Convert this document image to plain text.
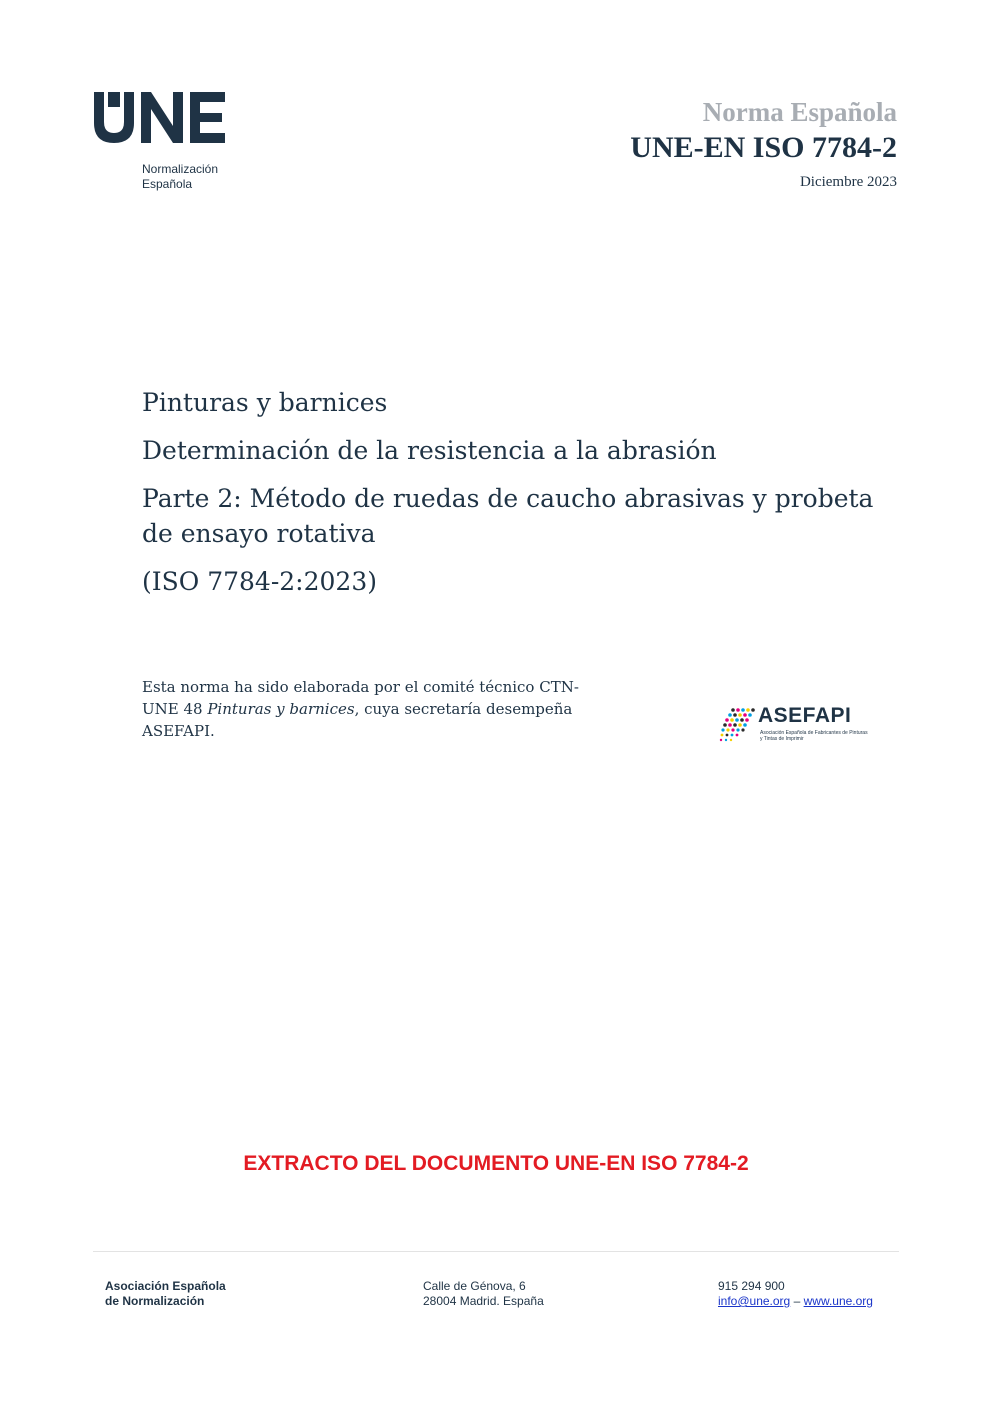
Normalización
Española
Norma Española
UNE-EN ISO 7784-2
Diciembre 2023

Pinturas y barnices

Determinación de la resistencia a la abrasión

Parte 2: Método de ruedas de caucho abrasivas y probeta de ensayo rotativa

(ISO 7784-2:2023)

Esta norma ha sido elaborada por el comité técnico CTN-UNE 48 Pinturas y barnices, cuya secretaría desempeña ASEFAPI.
ASEFAPI
Asociación Española de Fabricantes de Pinturas y Tintas de Imprimir
EXTRACTO DEL DOCUMENTO UNE-EN ISO 7784-2
Asociación Española
de Normalización
Calle de Génova, 6
28004 Madrid. España
915 294 900
info@une.org – www.une.org
